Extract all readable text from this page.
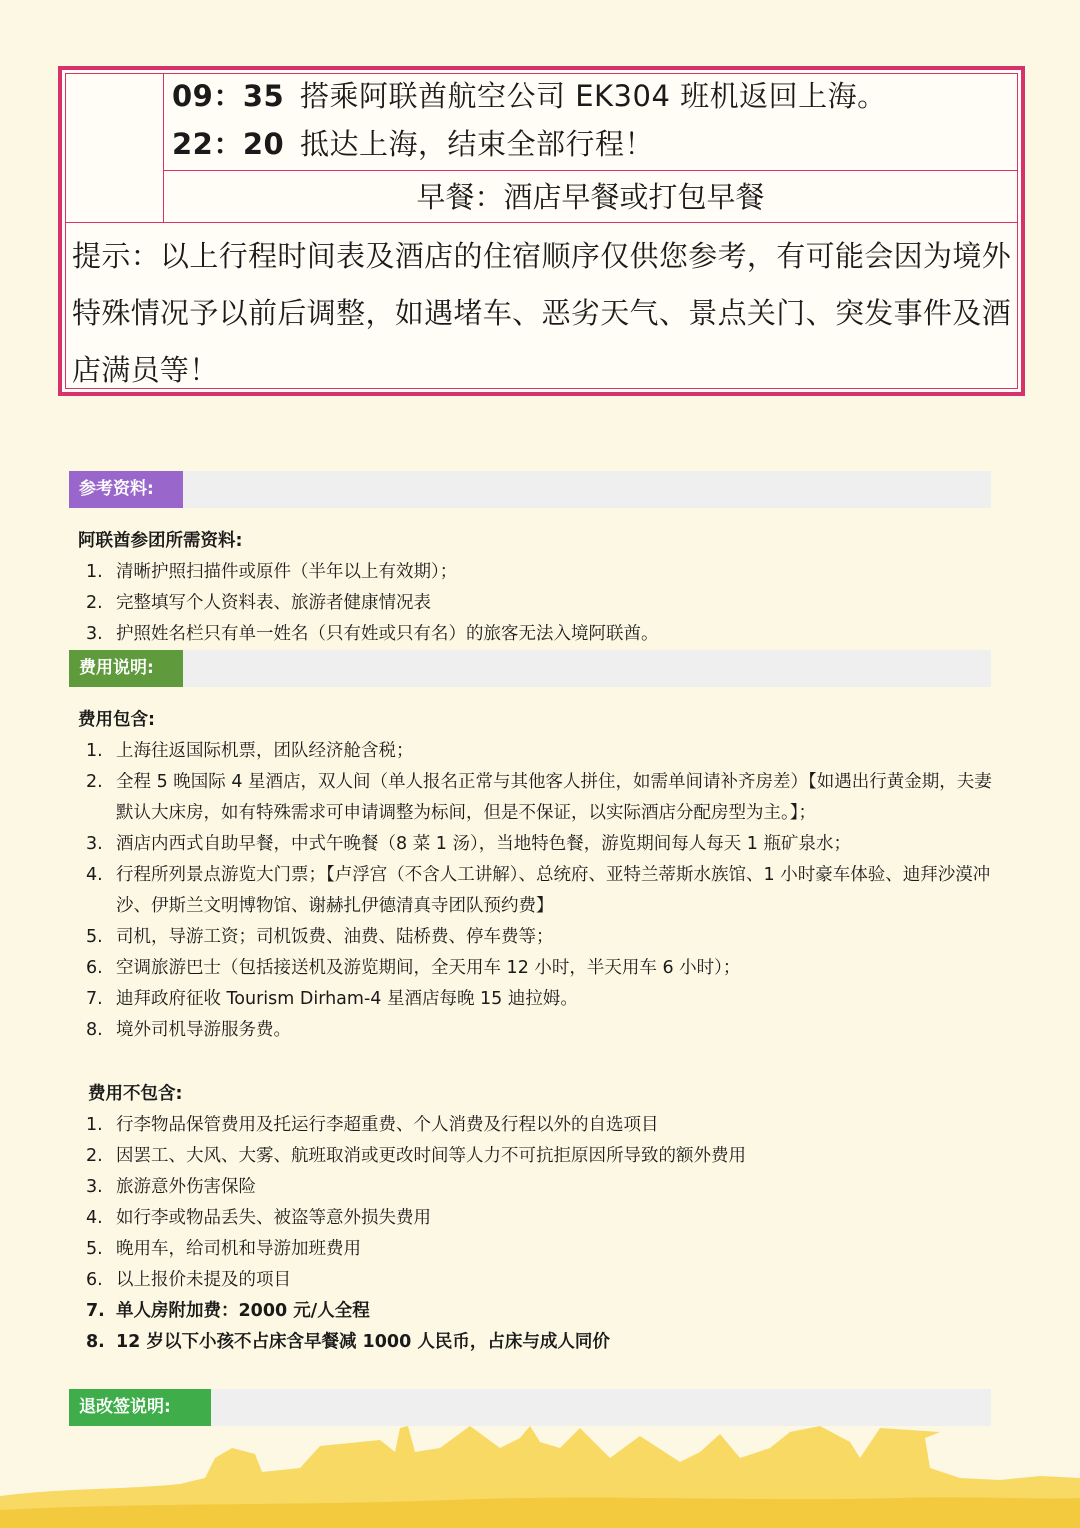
09：35 搭乘阿联酋航空公司 EK304 班机返回上海。
22：20 抵达上海，结束全部行程！
早餐：酒店早餐或打包早餐
提示：以上行程时间表及酒店的住宿顺序仅供您参考，有可能会因为境外特殊情况予以前后调整，如遇堵车、恶劣天气、景点关门、突发事件及酒店满员等！
参考资料:
阿联酋参团所需资料:
1. 清晰护照扫描件或原件（半年以上有效期）；
2. 完整填写个人资料表、旅游者健康情况表
3. 护照姓名栏只有单一姓名（只有姓或只有名）的旅客无法入境阿联酋。
费用说明:
费用包含:
1. 上海往返国际机票，团队经济舱含税；
2. 全程 5 晚国际 4 星酒店，双人间（单人报名正常与其他客人拼住，如需单间请补齐房差）【如遇出行黄金期，夫妻默认大床房，如有特殊需求可申请调整为标间，但是不保证，以实际酒店分配房型为主。】；
3. 酒店内西式自助早餐，中式午晚餐（8 菜 1 汤），当地特色餐，游览期间每人每天 1 瓶矿泉水；
4. 行程所列景点游览大门票；【卢浮宫（不含人工讲解）、总统府、亚特兰蒂斯水族馆、1 小时豪车体验、迪拜沙漠冲沙、伊斯兰文明博物馆、谢赫扎伊德清真寺团队预约费】
5. 司机，导游工资；司机饭费、油费、陆桥费、停车费等；
6. 空调旅游巴士（包括接送机及游览期间，全天用车 12 小时，半天用车 6 小时）；
7. 迪拜政府征收 Tourism Dirham-4 星酒店每晚 15 迪拉姆。
8. 境外司机导游服务费。
费用不包含:
1. 行李物品保管费用及托运行李超重费、个人消费及行程以外的自选项目
2. 因罢工、大风、大雾、航班取消或更改时间等人力不可抗拒原因所导致的额外费用
3. 旅游意外伤害保险
4. 如行李或物品丢失、被盗等意外损失费用
5. 晚用车，给司机和导游加班费用
6. 以上报价未提及的项目
7. 单人房附加费：2000 元/人全程
8. 12 岁以下小孩不占床含早餐减 1000 人民币，占床与成人同价
退改签说明:
